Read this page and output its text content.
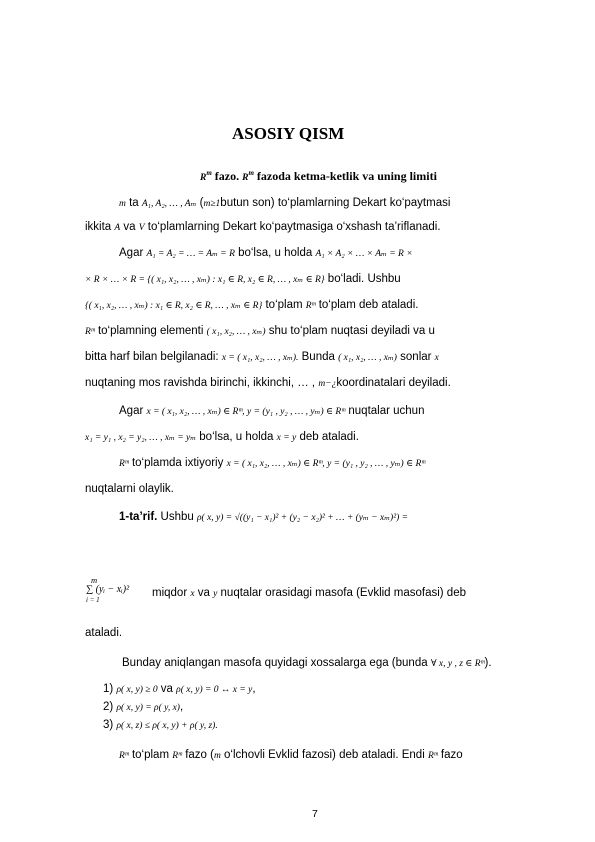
ASOSIY QISM
$R^m$ fazo. $R^m$ fazoda ketma-ketlik va uning limiti
m ta A₁, A₂, … , Aₘ (m≥1butun son) to‘plamlarning Dekart ko‘paytmasi
ikkita A va V to‘plamlarning Dekart ko‘paytmasiga o‘xshash ta’riflanadi.
Agar A₁ = A₂ = … = Aₘ = R bo‘lsa, u holda A₁ × A₂ × … × Aₘ = R ×
× R × … × R = {( x₁, x₂, … , xₘ) : x₁ ∈ R, x₂ ∈ R, … , xₘ ∈ R} bo‘ladi. Ushbu
{( x₁, x₂, … , xₘ) : x₁ ∈ R, x₂ ∈ R, … , xₘ ∈ R} to‘plam Rᵐ to‘plam deb ataladi.
Rᵐ to‘plamning elementi ( x₁, x₂, … , xₘ) shu to‘plam nuqtasi deyiladi va u
bitta harf bilan belgilanadi: x = ( x₁, x₂, … , xₘ). Bunda ( x₁, x₂, … , xₘ) sonlar x
nuqtaning mos ravishda birinchi, ikkinchi, … , m−¿koordinatalari deyiladi.
Agar x = ( x₁, x₂, … , xₘ) ∈ Rᵐ, y = (y₁ , y₂ , … , yₘ) ∈ Rᵐ nuqtalar uchun
x₁ = y₁ , x₂ = y₂, … , xₘ = yₘ bo‘lsa, u holda x = y deb ataladi.
Rᵐ to‘plamda ixtiyoriy x = ( x₁, x₂, … , xₘ) ∈ Rᵐ, y = (y₁ , y₂ , … , yₘ) ∈ Rᵐ
nuqtalarni olaylik.
1-ta’rif. Ushbu ρ( x, y) = √((y₁ − x₁)² + (y₂ − x₂)² + … + (yₘ − xₘ)²) =
m
∑ (yᵢ − xᵢ)²
i = 1
miqdor x va y nuqtalar orasidagi masofa (Evklid masofasi) deb
ataladi.
Bunday aniqlangan masofa quyidagi xossalarga ega (bunda ∀ x, y , z ∈ Rᵐ).
1) ρ( x, y) ≥ 0 va ρ( x, y) = 0 ↔ x = y,
2) ρ( x, y) = ρ( y, x),
3) ρ( x, z) ≤ ρ( x, y) + ρ( y, z).
Rᵐ to‘plam Rᵐ fazo (m o‘lchovli Evklid fazosi) deb ataladi. Endi Rᵐ fazo
7
